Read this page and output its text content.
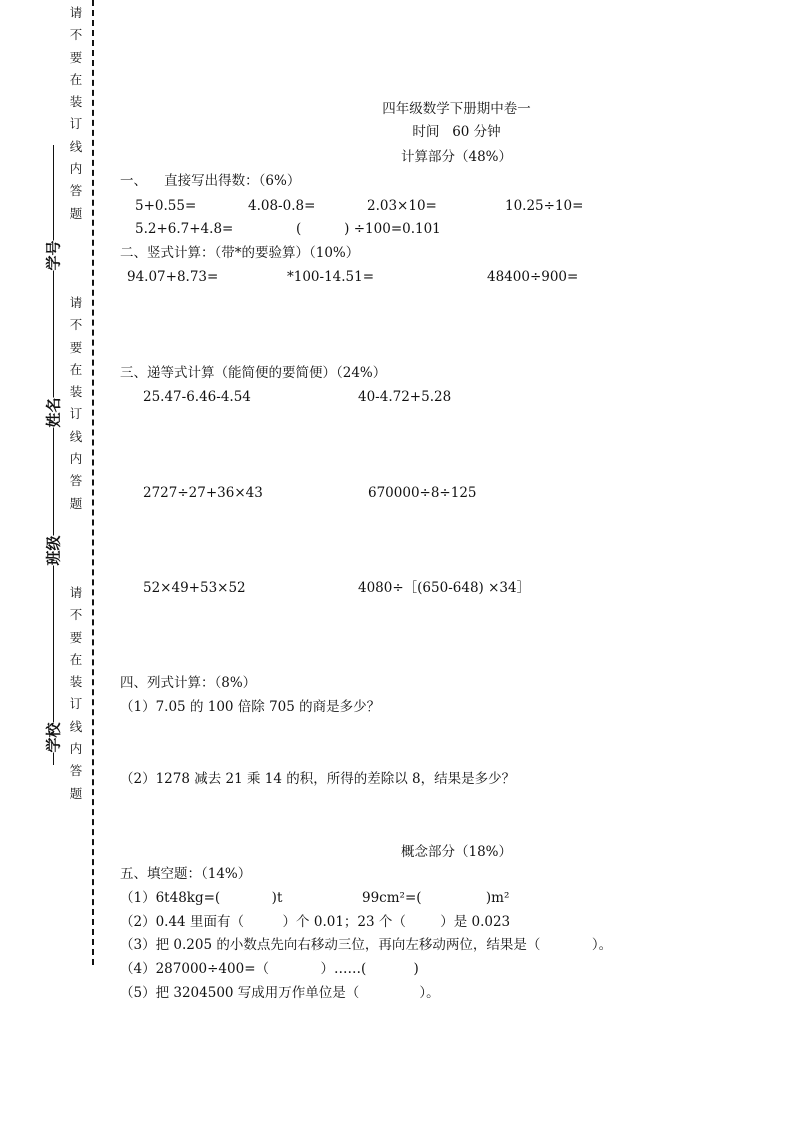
请不要在装订线内答题
请不要在装订线内答题
请不要在装订线内答题
学号
姓名
班级
学校
四年级数学下册期中卷一
时间   60 分钟
计算部分（48%）
一、    直接写出得数：（6%）
5+0.55=	4.08-0.8=	2.03×10=	10.25÷10=
5.2+6.7+4.8=	(          ) ÷100=0.101
二、竖式计算：（带*的要验算）（10%）
94.07+8.73=	*100-14.51=	48400÷900=
三、递等式计算（能简便的要简便）（24%）
25.47-6.46-4.54	40-4.72+5.28
2727÷27+36×43	670000÷8÷125
52×49+53×52	4080÷［(650-648) ×34］
四、列式计算：（8%）
（1）7.05 的 100 倍除 705 的商是多少？
（2）1278 减去 21 乘 14 的积，所得的差除以 8，结果是多少？
概念部分（18%）
五、填空题：（14%）
（1）6t48kg=(            )t	99cm²=(               )m²
（2）0.44 里面有（         ）个 0.01；23 个（        ）是 0.023
（3）把 0.205 的小数点先向右移动三位，再向左移动两位，结果是（            ）。
（4）287000÷400=（            ）……(           )
（5）把 3204500 写成用万作单位是（              ）。
